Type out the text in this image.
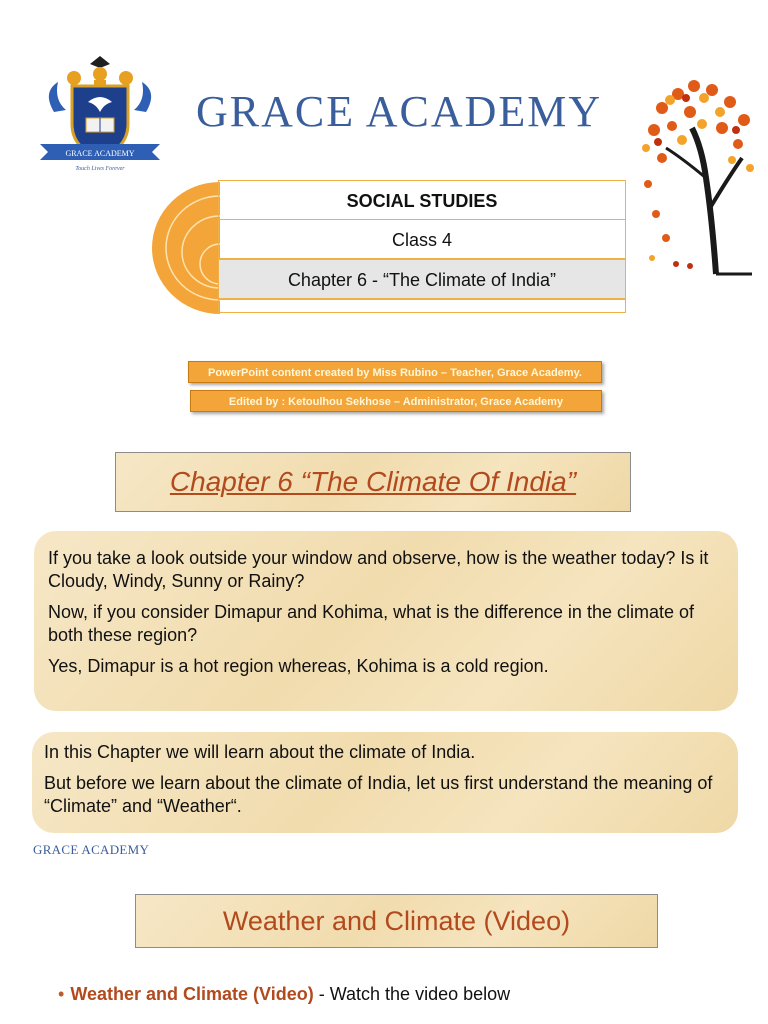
GRACE ACADEMY
Touch Lives Forever
GRACE ACADEMY
SOCIAL STUDIES
Class 4
Chapter 6 - “The Climate of India”
PowerPoint content created by Miss Rubino – Teacher, Grace Academy.
Edited by : Ketoulhou Sekhose – Administrator, Grace Academy
Chapter 6 “The Climate Of India”

If you take a look outside your window and observe, how is the weather today? Is it Cloudy, Windy, Sunny or Rainy?

Now, if you consider Dimapur and Kohima, what is the difference in the climate of both these region?

Yes, Dimapur is a hot region whereas, Kohima is a cold region.

In this Chapter we will learn about the climate of India.

But before we learn about the climate of India, let us first understand the meaning of “Climate” and “Weather“.

GRACE ACADEMY
Weather and Climate (Video)
• Weather and Climate (Video) - Watch the video below
